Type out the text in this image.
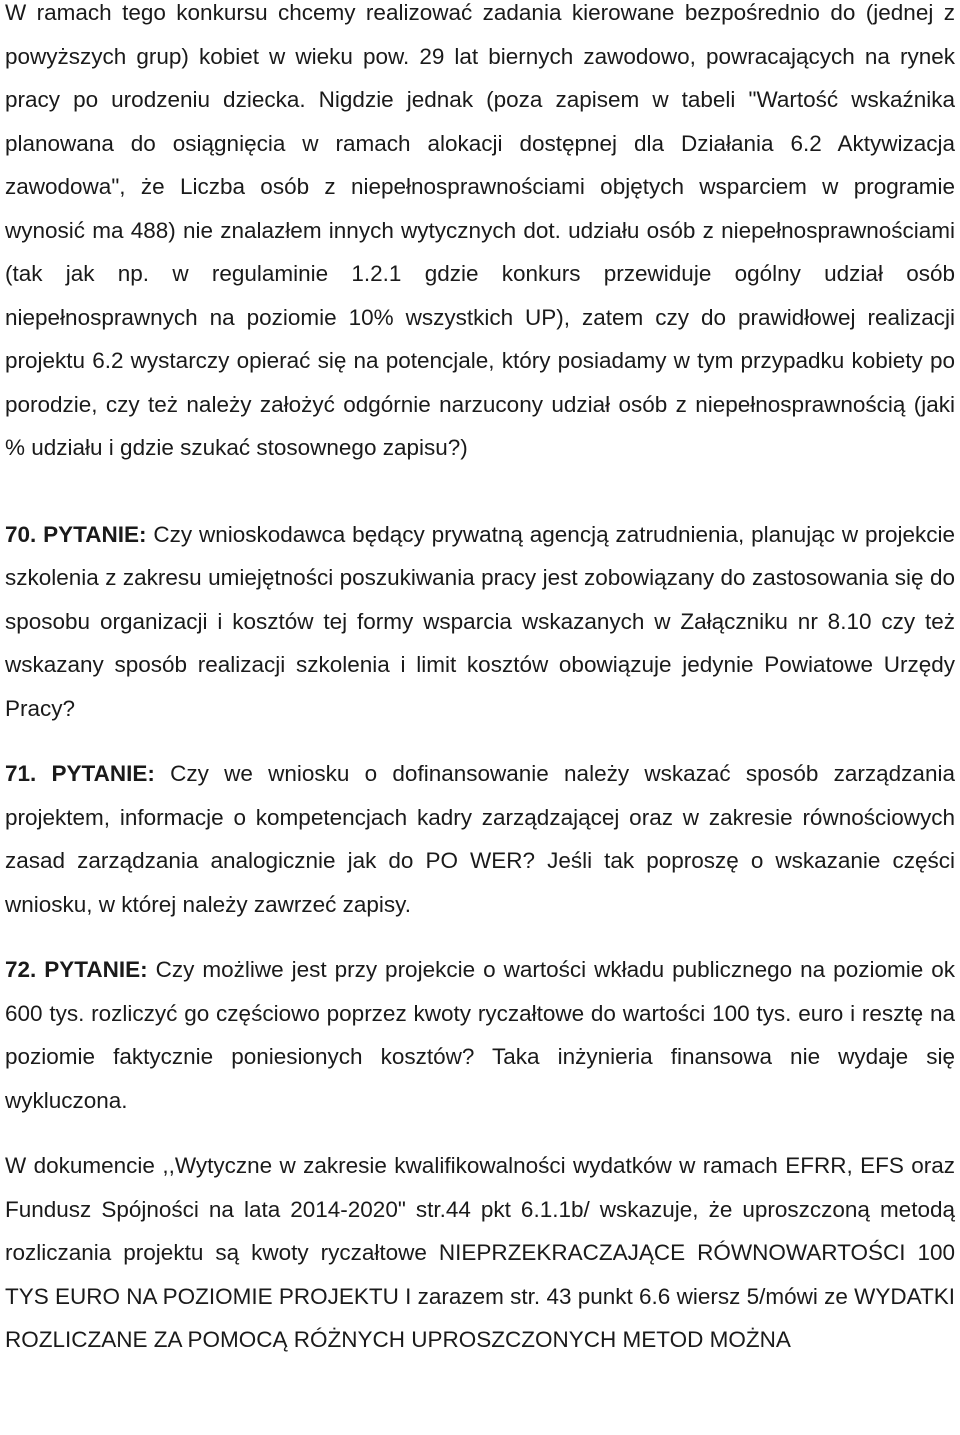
W ramach tego konkursu chcemy realizować zadania kierowane bezpośrednio do (jednej z powyższych grup) kobiet w wieku pow. 29 lat biernych zawodowo, powracających na rynek pracy po urodzeniu dziecka. Nigdzie jednak (poza zapisem w tabeli "Wartość wskaźnika planowana do osiągnięcia w ramach alokacji dostępnej dla Działania 6.2 Aktywizacja zawodowa", że Liczba osób z niepełnosprawnościami objętych wsparciem w programie wynosić ma 488) nie znalazłem innych wytycznych dot. udziału osób z niepełnosprawnościami (tak jak np. w regulaminie 1.2.1 gdzie konkurs przewiduje ogólny udział osób niepełnosprawnych na poziomie 10% wszystkich UP), zatem czy do prawidłowej realizacji projektu 6.2 wystarczy opierać się na potencjale, który posiadamy w tym przypadku kobiety po porodzie, czy też należy założyć odgórnie narzucony udział osób z niepełnosprawnością (jaki % udziału i gdzie szukać stosownego zapisu?)

70. PYTANIE: Czy wnioskodawca będący prywatną agencją zatrudnienia, planując w projekcie szkolenia z zakresu umiejętności poszukiwania pracy jest zobowiązany do zastosowania się do sposobu organizacji i kosztów tej formy wsparcia wskazanych w Załączniku nr 8.10 czy też wskazany sposób realizacji szkolenia i limit kosztów obowiązuje jedynie Powiatowe Urzędy Pracy?

71. PYTANIE: Czy we wniosku o dofinansowanie należy wskazać sposób zarządzania projektem, informacje o kompetencjach kadry zarządzającej oraz w zakresie równościowych zasad zarządzania analogicznie jak do PO WER? Jeśli tak poproszę o wskazanie części wniosku, w której należy zawrzeć zapisy.

72. PYTANIE: Czy możliwe jest przy projekcie o wartości wkładu publicznego na poziomie ok 600 tys. rozliczyć go częściowo poprzez kwoty ryczałtowe do wartości 100 tys. euro i resztę na poziomie faktycznie poniesionych kosztów? Taka inżynieria finansowa nie wydaje się wykluczona.

W dokumencie ,,Wytyczne w zakresie kwalifikowalności wydatków w ramach EFRR, EFS oraz Fundusz Spójności na lata 2014-2020" str.44 pkt 6.1.1b/ wskazuje, że uproszczoną metodą rozliczania projektu są kwoty ryczałtowe NIEPRZEKRACZAJĄCE RÓWNOWARTOŚCI 100 TYS EURO NA POZIOMIE PROJEKTU I zarazem str. 43 punkt 6.6 wiersz 5/mówi ze WYDATKI ROZLICZANE ZA POMOCĄ RÓŻNYCH UPROSZCZONYCH METOD MOŻNA
